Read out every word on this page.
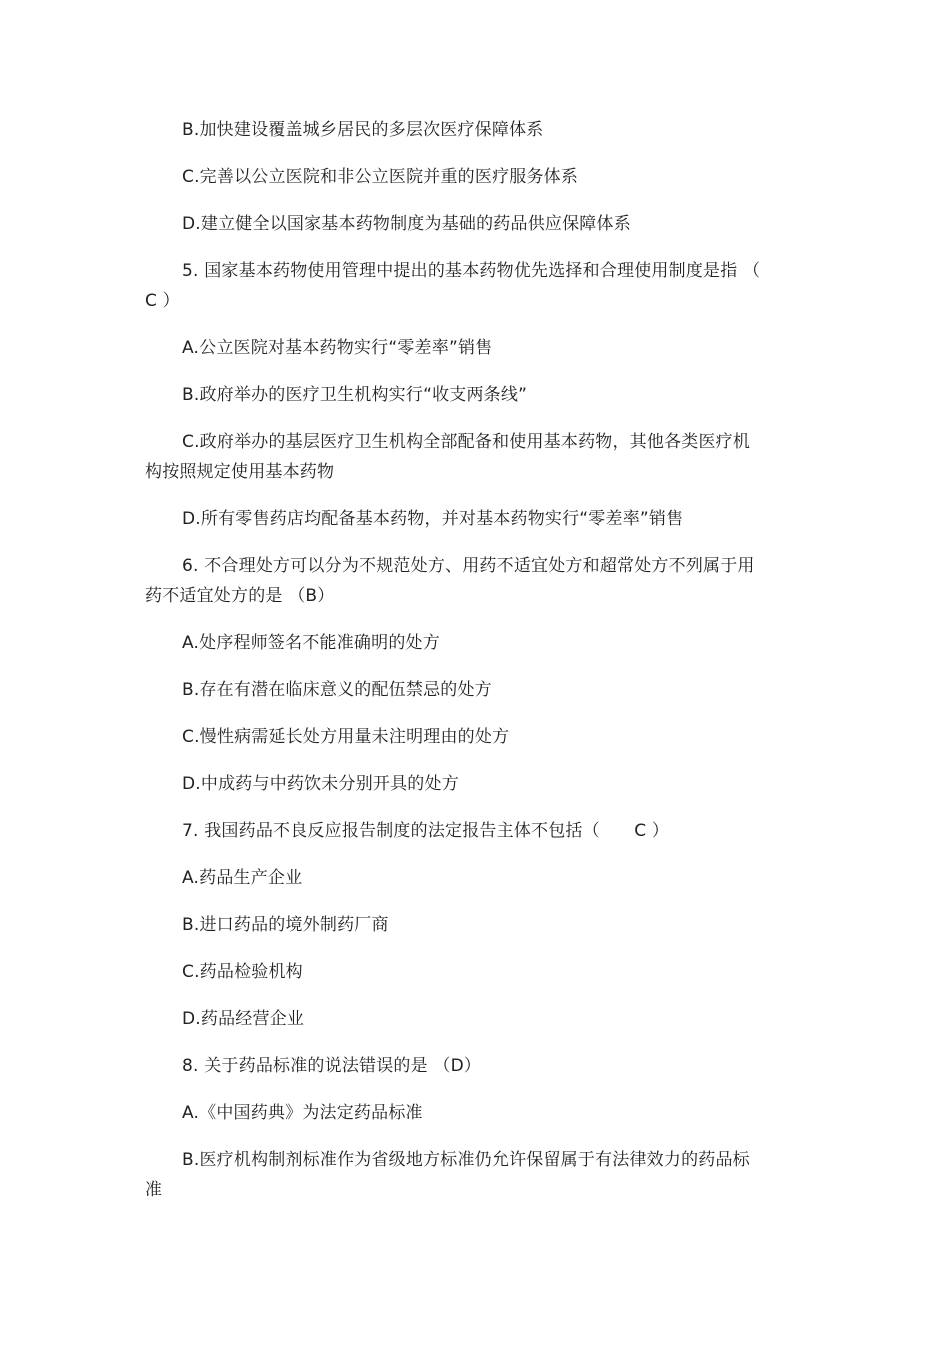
B.加快建设覆盖城乡居民的多层次医疗保障体系

C.完善以公立医院和非公立医院并重的医疗服务体系

D.建立健全以国家基本药物制度为基础的药品供应保障体系

5. 国家基本药物使用管理中提出的基本药物优先选择和合理使用制度是指 （ C ）

A.公立医院对基本药物实行“零差率”销售

B.政府举办的医疗卫生机构实行“收支两条线”

C.政府举办的基层医疗卫生机构全部配备和使用基本药物，其他各类医疗机构按照规定使用基本药物

D.所有零售药店均配备基本药物，并对基本药物实行“零差率”销售

6. 不合理处方可以分为不规范处方、用药不适宜处方和超常处方不列属于用药不适宜处方的是 （B）

A.处序程师签名不能准确明的处方

B.存在有潜在临床意义的配伍禁忌的处方

C.慢性病需延长处方用量未注明理由的处方

D.中成药与中药饮未分别开具的处方

7. 我国药品不良反应报告制度的法定报告主体不包括（　　C ）

A.药品生产企业

B.进口药品的境外制药厂商

C.药品检验机构

D.药品经营企业

8. 关于药品标准的说法错误的是 （D）

A.《中国药典》为法定药品标准

B.医疗机构制剂标准作为省级地方标准仍允许保留属于有法律效力的药品标准
